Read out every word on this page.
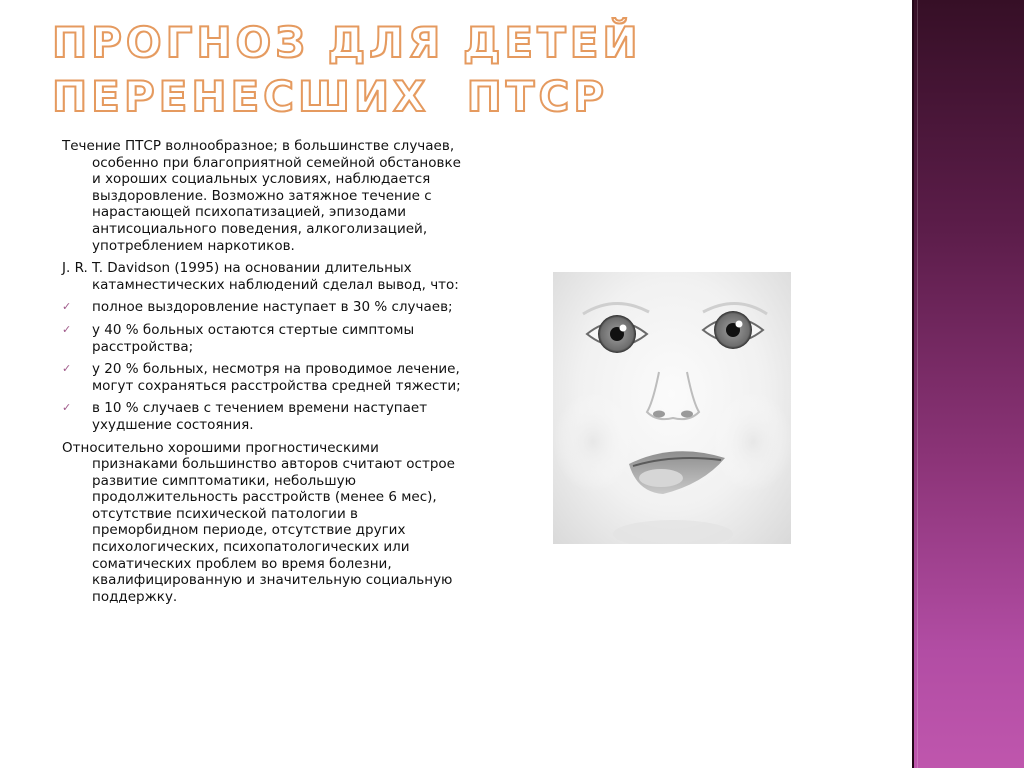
ПРОГНОЗ ДЛЯ ДЕТЕЙ
ПЕРЕНЕСШИХ  ПТСР

Течение ПТСР волнообразное; в большинстве случаев, особенно при благоприятной семейной обстановке и хороших социальных условиях, наблюдается выздоровление. Возможно затяжное течение с нарастающей психопатизацией, эпизодами антисоциального поведения, алкоголизацией, употреблением наркотиков.

J. R. T. Davidson (1995) на основании длительных катамнестических наблюдений сделал вывод, что:

✓ полное выздоровление наступает в 30 % случаев;
✓ у 40 % больных остаются стертые симптомы расстройства;
✓ у 20 % больных, несмотря на проводимое лечение, могут сохраняться расстройства средней тяжести;
✓ в 10 % случаев с течением времени наступает ухудшение состояния.

Относительно хорошими прогностическими признаками большинство авторов считают острое развитие симптоматики, небольшую продолжительность расстройств (менее 6 мес), отсутствие психической патологии в преморбидном периоде, отсутствие других психологических, психопатологических или соматических проблем во время болезни, квалифицированную и значительную социальную поддержку.
